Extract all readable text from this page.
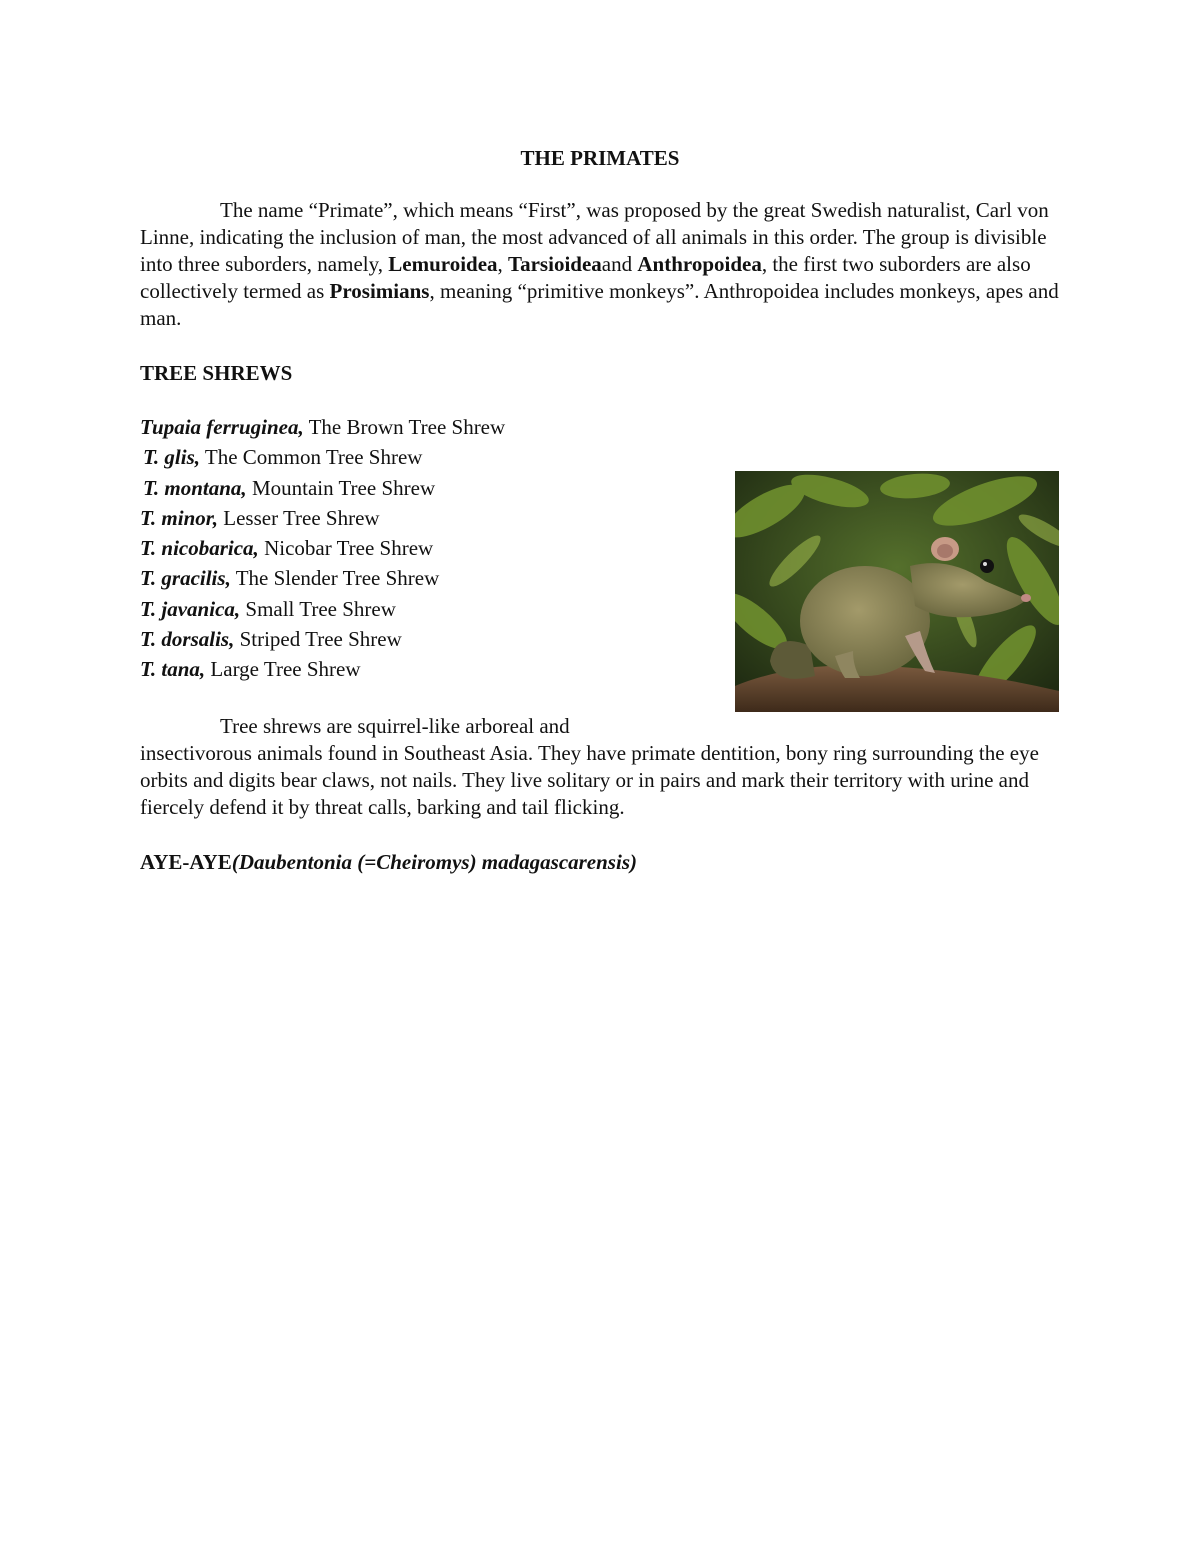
THE PRIMATES

The name “Primate”, which means “First”, was proposed by the great Swedish naturalist, Carl von Linne, indicating the inclusion of man, the most advanced of all animals in this order. The group is divisible into three suborders, namely, Lemuroidea, Tarsioideaand Anthropoidea, the first two suborders are also collectively termed as Prosimians, meaning “primitive monkeys”. Anthropoidea includes monkeys, apes and man.

TREE SHREWS

Tupaia ferruginea, The Brown Tree Shrew
T. glis, The Common Tree Shrew
T. montana, Mountain Tree Shrew
T. minor, Lesser Tree Shrew
T. nicobarica, Nicobar Tree Shrew
T. gracilis, The Slender Tree Shrew
T. javanica, Small Tree Shrew
T. dorsalis, Striped Tree Shrew
T. tana, Large Tree Shrew

Tree shrews are squirrel-like arboreal and
insectivorous animals found in Southeast Asia. They have primate dentition, bony ring surrounding the eye orbits and digits bear claws, not nails. They live solitary or in pairs and mark their territory with urine and fiercely defend it by threat calls, barking and tail flicking.

AYE-AYE(Daubentonia (=Cheiromys) madagascarensis)
